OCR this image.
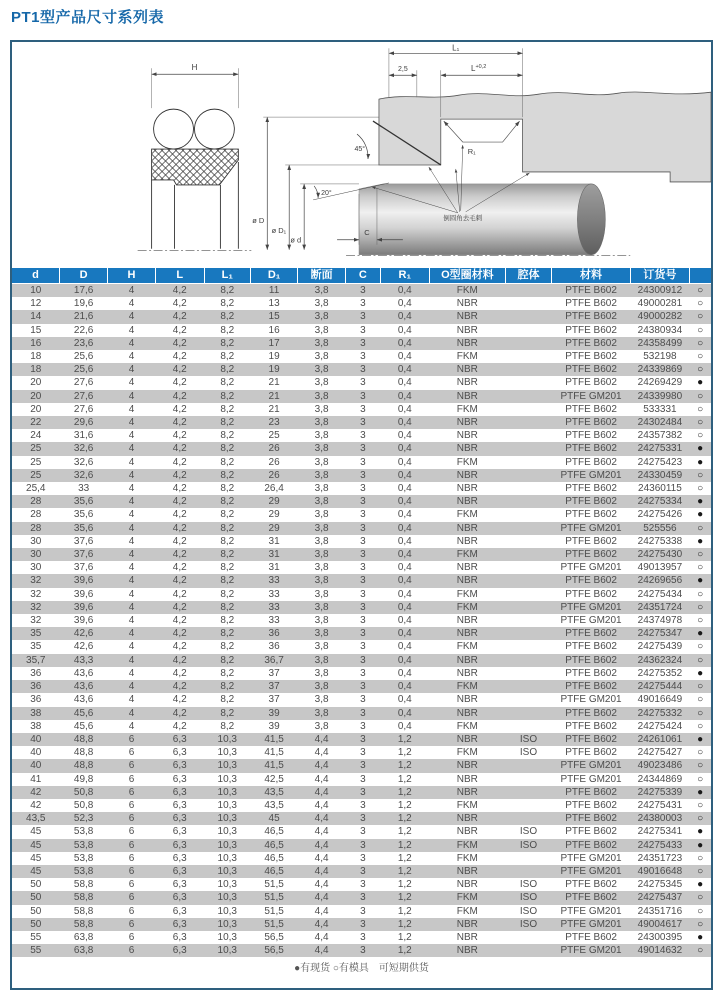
PT1型产品尺寸系列表
H
ø D
ø D₁
ø d
R₁
45°
L₁
2,5	$L^{+0,2}$
20°
C
倒圆角去毛刺
d	D	H	L	L₁	D₁	断面	C	R₁	O型圈材料	腔体	材料	订货号	
10	17,6	4	4,2	8,2	11	3,8	3	0,4	FKM		PTFE B602	24300912	○
12	19,6	4	4,2	8,2	13	3,8	3	0,4	NBR		PTFE B602	49000281	○
14	21,6	4	4,2	8,2	15	3,8	3	0,4	NBR		PTFE B602	49000282	○
15	22,6	4	4,2	8,2	16	3,8	3	0,4	NBR		PTFE B602	24380934	○
16	23,6	4	4,2	8,2	17	3,8	3	0,4	NBR		PTFE B602	24358499	○
18	25,6	4	4,2	8,2	19	3,8	3	0,4	FKM		PTFE B602	532198	○
18	25,6	4	4,2	8,2	19	3,8	3	0,4	NBR		PTFE B602	24339869	○
20	27,6	4	4,2	8,2	21	3,8	3	0,4	NBR		PTFE B602	24269429	●
20	27,6	4	4,2	8,2	21	3,8	3	0,4	NBR		PTFE GM201	24339980	○
20	27,6	4	4,2	8,2	21	3,8	3	0,4	FKM		PTFE B602	533331	○
22	29,6	4	4,2	8,2	23	3,8	3	0,4	NBR		PTFE B602	24302484	○
24	31,6	4	4,2	8,2	25	3,8	3	0,4	NBR		PTFE B602	24357382	○
25	32,6	4	4,2	8,2	26	3,8	3	0,4	NBR		PTFE B602	24275331	●
25	32,6	4	4,2	8,2	26	3,8	3	0,4	FKM		PTFE B602	24275423	●
25	32,6	4	4,2	8,2	26	3,8	3	0,4	NBR		PTFE GM201	24330459	○
25,4	33	4	4,2	8,2	26,4	3,8	3	0,4	NBR		PTFE B602	24360115	○
28	35,6	4	4,2	8,2	29	3,8	3	0,4	NBR		PTFE B602	24275334	●
28	35,6	4	4,2	8,2	29	3,8	3	0,4	FKM		PTFE B602	24275426	●
28	35,6	4	4,2	8,2	29	3,8	3	0,4	NBR		PTFE GM201	525556	○
30	37,6	4	4,2	8,2	31	3,8	3	0,4	NBR		PTFE B602	24275338	●
30	37,6	4	4,2	8,2	31	3,8	3	0,4	FKM		PTFE B602	24275430	○
30	37,6	4	4,2	8,2	31	3,8	3	0,4	NBR		PTFE GM201	49013957	○
32	39,6	4	4,2	8,2	33	3,8	3	0,4	NBR		PTFE B602	24269656	●
32	39,6	4	4,2	8,2	33	3,8	3	0,4	FKM		PTFE B602	24275434	○
32	39,6	4	4,2	8,2	33	3,8	3	0,4	FKM		PTFE GM201	24351724	○
32	39,6	4	4,2	8,2	33	3,8	3	0,4	NBR		PTFE GM201	24374978	○
35	42,6	4	4,2	8,2	36	3,8	3	0,4	NBR		PTFE B602	24275347	●
35	42,6	4	4,2	8,2	36	3,8	3	0,4	FKM		PTFE B602	24275439	○
35,7	43,3	4	4,2	8,2	36,7	3,8	3	0,4	NBR		PTFE B602	24362324	○
36	43,6	4	4,2	8,2	37	3,8	3	0,4	NBR		PTFE B602	24275352	●
36	43,6	4	4,2	8,2	37	3,8	3	0,4	FKM		PTFE B602	24275444	○
36	43,6	4	4,2	8,2	37	3,8	3	0,4	NBR		PTFE GM201	49016649	○
38	45,6	4	4,2	8,2	39	3,8	3	0,4	NBR		PTFE B602	24275332	○
38	45,6	4	4,2	8,2	39	3,8	3	0,4	FKM		PTFE B602	24275424	○
40	48,8	6	6,3	10,3	41,5	4,4	3	1,2	NBR	ISO	PTFE B602	24261061	●
40	48,8	6	6,3	10,3	41,5	4,4	3	1,2	FKM	ISO	PTFE B602	24275427	○
40	48,8	6	6,3	10,3	41,5	4,4	3	1,2	NBR		PTFE GM201	49023486	○
41	49,8	6	6,3	10,3	42,5	4,4	3	1,2	NBR		PTFE GM201	24344869	○
42	50,8	6	6,3	10,3	43,5	4,4	3	1,2	NBR		PTFE B602	24275339	●
42	50,8	6	6,3	10,3	43,5	4,4	3	1,2	FKM		PTFE B602	24275431	○
43,5	52,3	6	6,3	10,3	45	4,4	3	1,2	NBR		PTFE B602	24380003	○
45	53,8	6	6,3	10,3	46,5	4,4	3	1,2	NBR	ISO	PTFE B602	24275341	●
45	53,8	6	6,3	10,3	46,5	4,4	3	1,2	FKM	ISO	PTFE B602	24275433	●
45	53,8	6	6,3	10,3	46,5	4,4	3	1,2	FKM		PTFE GM201	24351723	○
45	53,8	6	6,3	10,3	46,5	4,4	3	1,2	NBR		PTFE GM201	49016648	○
50	58,8	6	6,3	10,3	51,5	4,4	3	1,2	NBR	ISO	PTFE B602	24275345	●
50	58,8	6	6,3	10,3	51,5	4,4	3	1,2	FKM	ISO	PTFE B602	24275437	○
50	58,8	6	6,3	10,3	51,5	4,4	3	1,2	FKM	ISO	PTFE GM201	24351716	○
50	58,8	6	6,3	10,3	51,5	4,4	3	1,2	NBR	ISO	PTFE GM201	49004617	○
55	63,8	6	6,3	10,3	56,5	4,4	3	1,2	NBR		PTFE B602	24300395	●
55	63,8	6	6,3	10,3	56,5	4,4	3	1,2	NBR		PTFE GM201	49014632	○
●有现货 ○有模具　可短期供货
